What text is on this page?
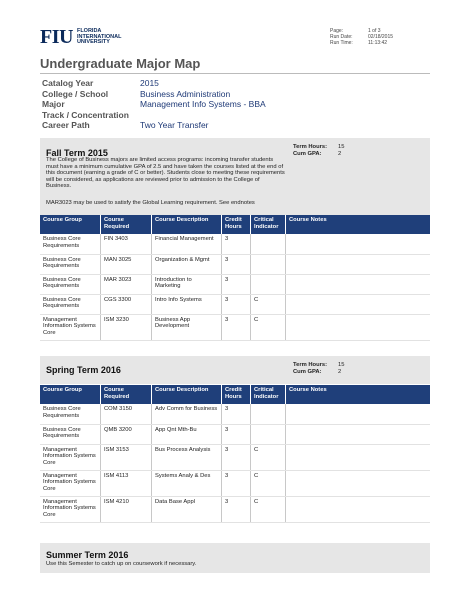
FIU FLORIDA
INTERNATIONAL
UNIVERSITY
Page:	1 of 3
Run Date:	02/18/2015
Run Time:	11:13:42
Undergraduate Major Map
Catalog Year	2015
College / School	Business Administration
Major	Management Info Systems - BBA
Track / Concentration
Career Path	Two Year Transfer
Fall Term 2015
Term Hours:	15
Cum GPA:	2
The College of Business majors are limited access programs: incoming transfer students must have a minimum cumulative GPA of 2.5 and have taken the courses listed at the end of this document (earning a grade of C or better). Students close to meeting these requirements will be considered, as applications are reviewed prior to admission to the College of Business.
MAR3023 may be used to satisfy the Global Learning requirement. See endnotes
Course Group	Course Required	Course Description	Credit Hours	Critical Indicator	Course Notes
Business Core Requirements	FIN 3403	Financial Management	3		
Business Core Requirements	MAN 3025	Organization & Mgmt	3		
Business Core Requirements	MAR 3023	Introduction to Marketing	3		
Business Core Requirements	CGS 3300	Intro Info Systems	3	C	
Management Information Systems Core	ISM 3230	Business App Development	3	C	
Spring Term 2016	Term Hours:	15
Cum GPA:	2
Course Group	Course Required	Course Description	Credit Hours	Critical Indicator	Course Notes
Business Core Requirements	COM 3150	Adv Comm for Business	3		
Business Core Requirements	QMB 3200	App Qnt Mth-Bu	3		
Management Information Systems Core	ISM 3153	Bus Process Analysis	3	C	
Management Information Systems Core	ISM 4113	Systems Analy & Des	3	C	
Management Information Systems Core	ISM 4210	Data Base Appl	3	C	
Summer Term 2016
Use this Semester to catch up on coursework if necessary.
